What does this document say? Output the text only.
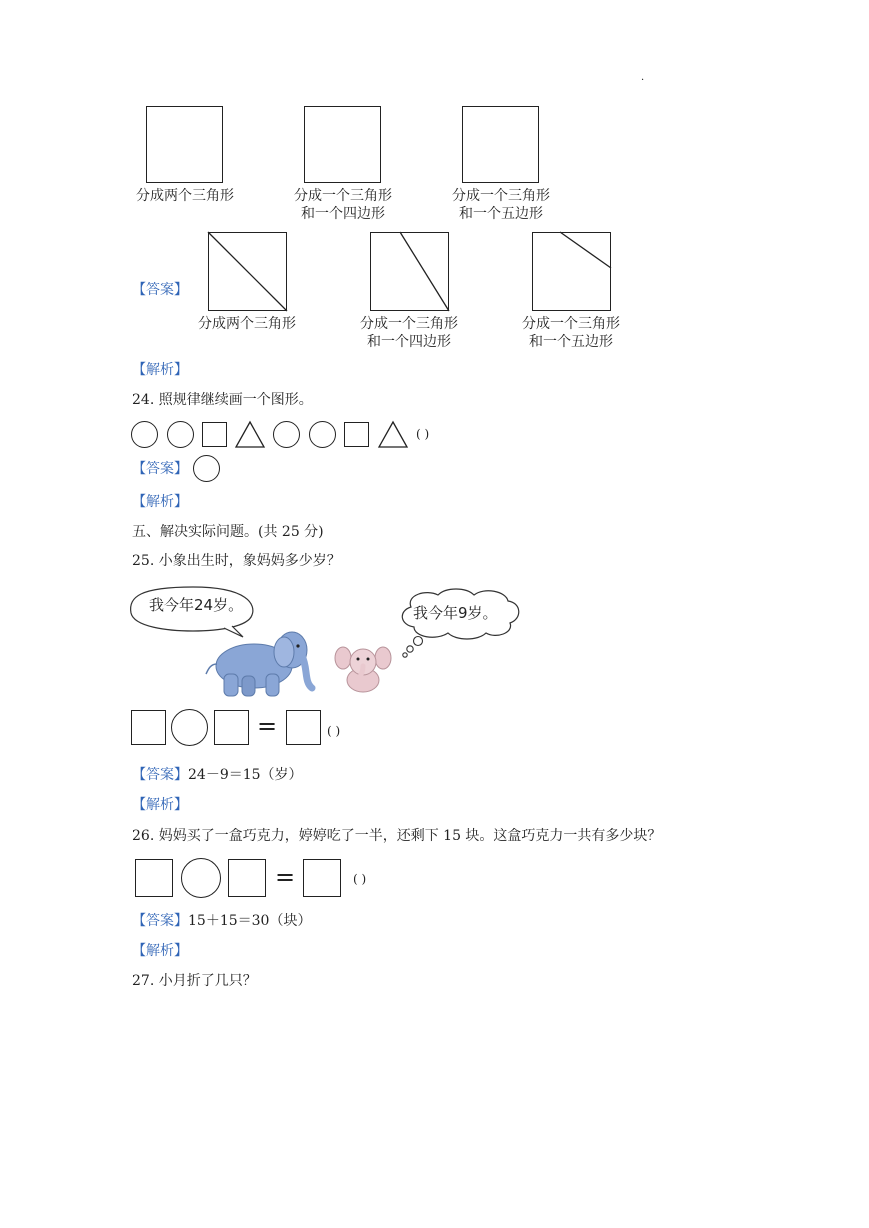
·
分成两个三角形	分成一个三角形
和一个四边形
分成一个三角形
和一个五边形
【答案】
分成两个三角形	分成一个三角形
和一个四边形
分成一个三角形
和一个五边形
【解析】
24. 照规律继续画一个图形。
( )
【答案】
【解析】
五、解决实际问题。(共 25 分)
25. 小象出生时，象妈妈多少岁？
我今年24岁。	我今年9岁。
=	( )
【答案】24－9＝15（岁）
【解析】
26. 妈妈买了一盒巧克力，婷婷吃了一半，还剩下 15 块。这盒巧克力一共有多少块？
=	( )
【答案】15＋15＝30（块）
【解析】
27. 小月折了几只？
